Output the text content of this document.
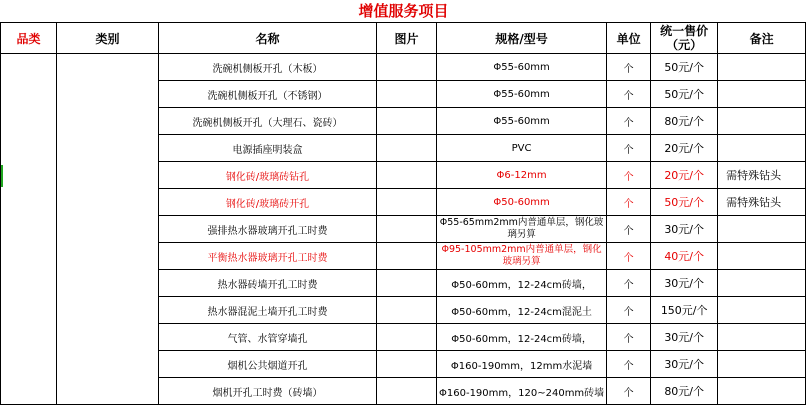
增值服务项目
品类	类别	名称	图片	规格/型号	单位	统一售价（元）	备注
		洗碗机侧板开孔（木板）		Φ55-60mm	个	50元/个	
		洗碗机侧板开孔（不锈钢）		Φ55-60mm	个	50元/个	
		洗碗机侧板开孔（大理石、瓷砖）		Φ55-60mm	个	80元/个	
		电源插座明装盒		PVC	个	20元/个	
		钢化砖/玻璃砖钻孔		Φ6-12mm	个	20元/个	需特殊钻头
		钢化砖/玻璃砖开孔		Φ50-60mm	个	50元/个	需特殊钻头
		强排热水器玻璃开孔工时费		Φ55-65mm2mm内普通单层，钢化玻璃另算	个	30元/个	
		平衡热水器玻璃开孔工时费		Φ95-105mm2mm内普通单层，钢化玻璃另算	个	40元/个	
		热水器砖墙开孔工时费		Φ50-60mm，12-24cm砖墙，	个	30元/个	
		热水器混泥土墙开孔工时费		Φ50-60mm，12-24cm混泥土	个	150元/个	
		气管、水管穿墙孔		Φ50-60mm，12-24cm砖墙，	个	30元/个	
		烟机公共烟道开孔		Φ160-190mm，12mm水泥墙	个	30元/个	
		烟机开孔工时费（砖墙）		Φ160-190mm，120~240mm砖墙	个	80元/个	
